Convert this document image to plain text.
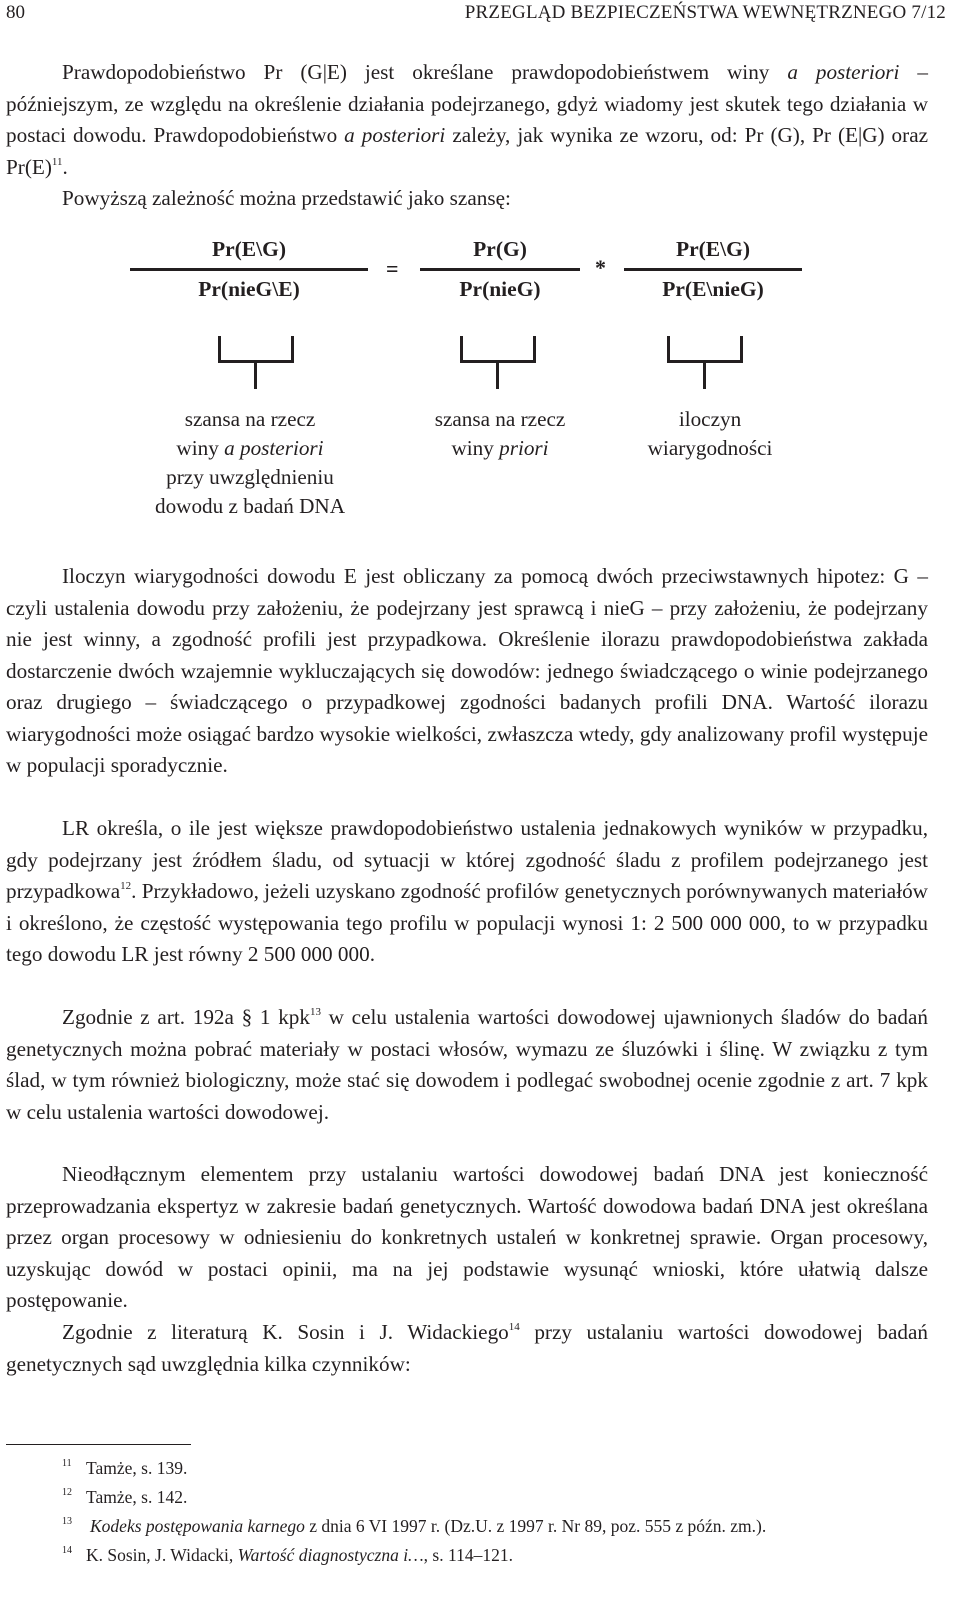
80	PRZEGLĄD BEZPIECZEŃSTWA WEWNĘTRZNEGO 7/12

Prawdopodobieństwo Pr (G|E) jest określane prawdopodobieństwem winy a posteriori – późniejszym, ze względu na określenie działania podejrzanego, gdyż wiadomy jest skutek tego działania w postaci dowodu. Prawdopodobieństwo a posteriori zależy, jak wynika ze wzoru, od: Pr (G), Pr (E|G) oraz $Pr(E)^{11}$.

Powyższą zależność można przedstawić jako szansę:

Pr(E\G)
Pr(nieG\E)
=
Pr(G)
Pr(nieG)
*
Pr(E\G)
Pr(E\nieG)
szansa na rzecz
winy a posteriori
przy uwzględnieniu
dowodu z badań DNA
szansa na rzecz
winy priori
iloczyn
wiarygodności

Iloczyn wiarygodności dowodu E jest obliczany za pomocą dwóch przeciwstawnych hipotez: G – czyli ustalenia dowodu przy założeniu, że podejrzany jest sprawcą i nieG – przy założeniu, że podejrzany nie jest winny, a zgodność profili jest przypadkowa. Określenie ilorazu prawdopodobieństwa zakłada dostarczenie dwóch wzajemnie wykluczających się dowodów: jednego świadczącego o winie podejrzanego oraz drugiego – świadczącego o przypadkowej zgodności badanych profili DNA. Wartość ilorazu wiarygodności może osiągać bardzo wysokie wielkości, zwłaszcza wtedy, gdy analizowany profil występuje w populacji sporadycznie.

LR określa, o ile jest większe prawdopodobieństwo ustalenia jednakowych wyników w przypadku, gdy podejrzany jest źródłem śladu, od sytuacji w której zgodność śladu z profilem podejrzanego jest przypadkowa$^{12}$. Przykładowo, jeżeli uzyskano zgodność profilów genetycznych porównywanych materiałów i określono, że częstość występowania tego profilu w populacji wynosi 1: 2 500 000 000, to w przypadku tego dowodu LR jest równy 2 500 000 000.

Zgodnie z art. 192a § 1 kpk$^{13}$ w celu ustalenia wartości dowodowej ujawnionych śladów do badań genetycznych można pobrać materiały w postaci włosów, wymazu ze śluzówki i ślinę. W związku z tym ślad, w tym również biologiczny, może stać się dowodem i podlegać swobodnej ocenie zgodnie z art. 7 kpk w celu ustalenia wartości dowodowej.

Nieodłącznym elementem przy ustalaniu wartości dowodowej badań DNA jest konieczność przeprowadzania ekspertyz w zakresie badań genetycznych. Wartość dowodowa badań DNA jest określana przez organ procesowy w odniesieniu do konkretnych ustaleń w konkretnej sprawie. Organ procesowy, uzyskując dowód w postaci opinii, ma na jej podstawie wysunąć wnioski, które ułatwią dalsze postępowanie.

Zgodnie z literaturą K. Sosin i J. Widackiego$^{14}$ przy ustalaniu wartości dowodowej badań genetycznych sąd uwzględnia kilka czynników:

$^{11}$ Tamże, s. 139.
$^{12}$ Tamże, s. 142.
$^{13}$ Kodeks postępowania karnego z dnia 6 VI 1997 r. (Dz.U. z 1997 r. Nr 89, poz. 555 z późn. zm.).
$^{14}$ K. Sosin, J. Widacki, Wartość diagnostyczna i…, s. 114–121.
